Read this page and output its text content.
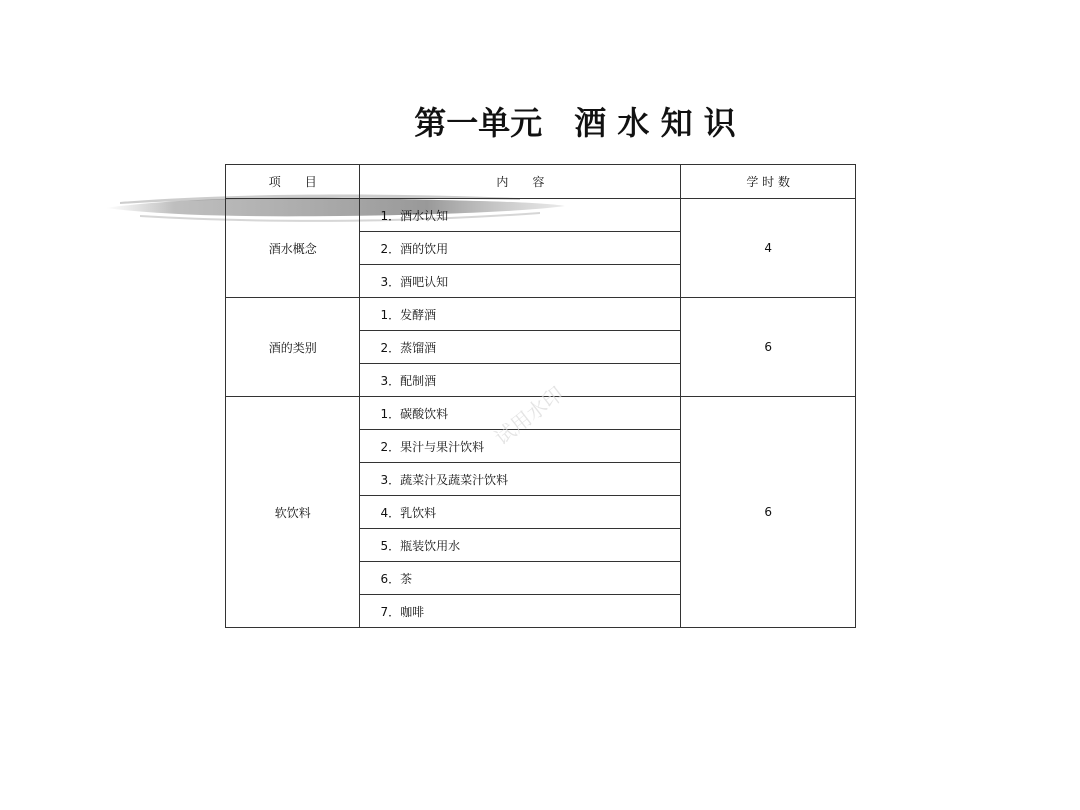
第一单元　酒 水 知 识
项　　目	内　　容	学 时 数
酒水概念	1．酒水认知	4
	2．酒的饮用	
	3．酒吧认知	
酒的类别	1．发酵酒	6
	2．蒸馏酒	
	3．配制酒	
软饮料	1．碳酸饮料	6
	2．果汁与果汁饮料	
	3．蔬菜汁及蔬菜汁饮料	
	4．乳饮料	
	5．瓶装饮用水	
	6．茶	
	7．咖啡	
试用水印
